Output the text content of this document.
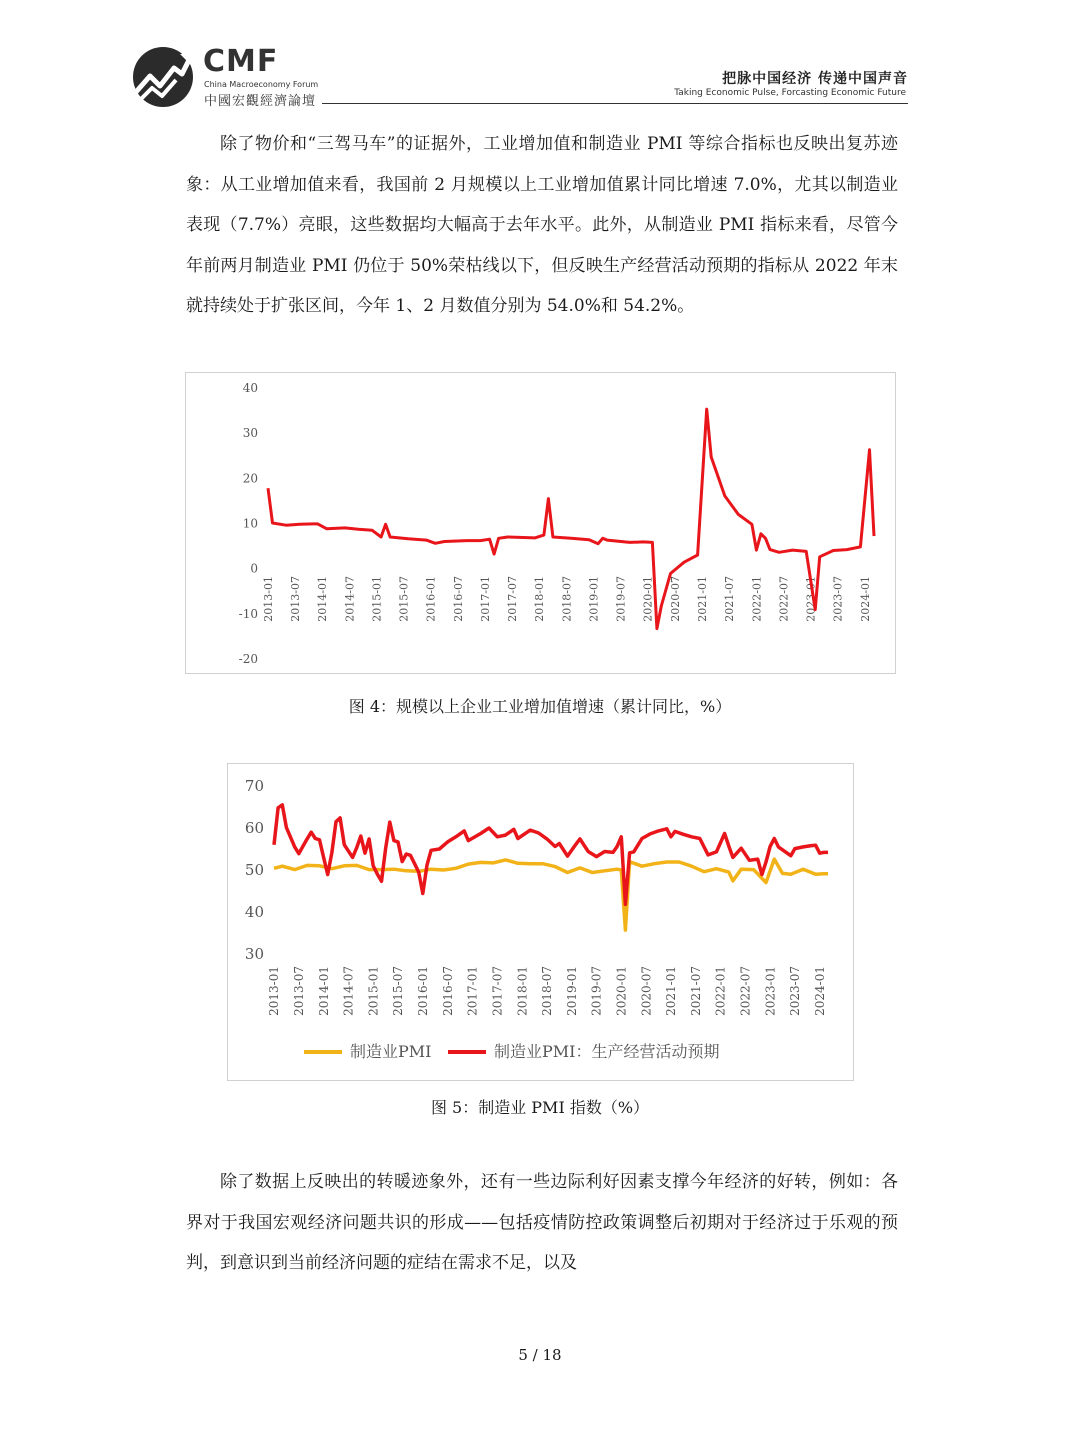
CMF
China Macroeconomy Forum
中國宏觀經濟論壇
把脉中国经济 传递中国声音
Taking Economic Pulse, Forcasting Economic Future

除了物价和“三驾马车”的证据外，工业增加值和制造业 PMI 等综合指标也反映出复苏迹象：从工业增加值来看，我国前 2 月规模以上工业增加值累计同比增速 7.0%，尤其以制造业表现（7.7%）亮眼，这些数据均大幅高于去年水平。此外，从制造业 PMI 指标来看，尽管今年前两月制造业 PMI 仍位于 50%荣枯线以下，但反映生产经营活动预期的指标从 2022 年末就持续处于扩张区间，今年 1、2 月数值分别为 54.0%和 54.2%。

40
30
20
10
0
-10
-20
2013-01 2013-07 2014-01 2014-07 2015-01 2015-07 2016-01 2016-07 2017-01 2017-07 2018-01 2018-07 2019-01 2019-07 2020-01 2020-07 2021-01 2021-07 2022-01 2022-07 2023-01 2023-07 2024-01
图 4：规模以上企业工业增加值增速（累计同比，%）
70
60
50
40
30
2013-01 2013-07 2014-01 2014-07 2015-01 2015-07 2016-01 2016-07 2017-01 2017-07 2018-01 2018-07 2019-01 2019-07 2020-01 2020-07 2021-01 2021-07 2022-01 2022-07 2023-01 2023-07 2024-01
制造业PMI	制造业PMI：生产经营活动预期
图 5：制造业 PMI 指数（%）

除了数据上反映出的转暖迹象外，还有一些边际利好因素支撑今年经济的好转，例如：各界对于我国宏观经济问题共识的形成——包括疫情防控政策调整后初期对于经济过于乐观的预判，到意识到当前经济问题的症结在需求不足，以及

5 / 18
